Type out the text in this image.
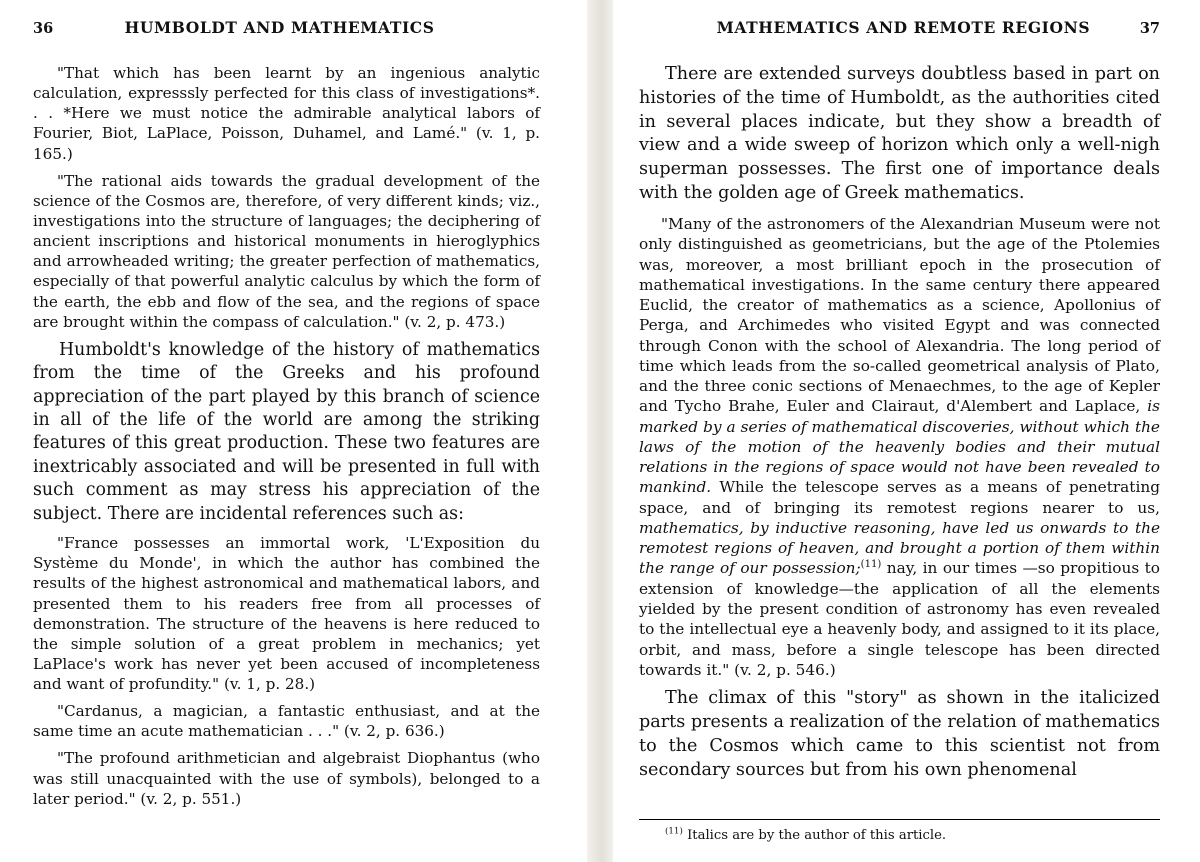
36	HUMBOLDT AND MATHEMATICS

"That which has been learnt by an ingenious analytic calculation, expresssly perfected for this class of investigations*. . . *Here we must notice the admirable analytical labors of Fourier, Biot, LaPlace, Poisson, Duhamel, and Lamé." (v. 1, p. 165.)

"The rational aids towards the gradual development of the science of the Cosmos are, therefore, of very different kinds; viz., investigations into the structure of languages; the deciphering of ancient inscriptions and historical monuments in hieroglyphics and arrowheaded writing; the greater perfection of mathematics, especially of that powerful analytic calculus by which the form of the earth, the ebb and flow of the sea, and the regions of space are brought within the compass of calculation." (v. 2, p. 473.)

Humboldt's knowledge of the history of mathematics from the time of the Greeks and his profound appreciation of the part played by this branch of science in all of the life of the world are among the striking features of this great production. These two features are inextricably associated and will be presented in full with such comment as may stress his appreciation of the subject. There are incidental references such as:

"France possesses an immortal work, 'L'Exposition du Système du Monde', in which the author has combined the results of the highest astronomical and mathematical labors, and presented them to his readers free from all processes of demonstration. The structure of the heavens is here reduced to the simple solution of a great problem in mechanics; yet LaPlace's work has never yet been accused of incompleteness and want of profundity." (v. 1, p. 28.)

"Cardanus, a magician, a fantastic enthusiast, and at the same time an acute mathematician . . ." (v. 2, p. 636.)

"The profound arithmetician and algebraist Diophantus (who was still unacquainted with the use of symbols), belonged to a later period." (v. 2, p. 551.)

MATHEMATICS AND REMOTE REGIONS	37

There are extended surveys doubtless based in part on histories of the time of Humboldt, as the authorities cited in several places indicate, but they show a breadth of view and a wide sweep of horizon which only a well-nigh superman possesses. The first one of importance deals with the golden age of Greek mathematics.

"Many of the astronomers of the Alexandrian Museum were not only distinguished as geometricians, but the age of the Ptolemies was, moreover, a most brilliant epoch in the prosecution of mathematical investigations. In the same century there appeared Euclid, the creator of mathematics as a science, Apollonius of Perga, and Archimedes who visited Egypt and was connected through Conon with the school of Alexandria. The long period of time which leads from the so-called geometrical analysis of Plato, and the three conic sections of Menaechmes, to the age of Kepler and Tycho Brahe, Euler and Clairaut, d'Alembert and Laplace, is marked by a series of mathematical discoveries, without which the laws of the motion of the heavenly bodies and their mutual relations in the regions of space would not have been revealed to mankind. While the telescope serves as a means of penetrating space, and of bringing its remotest regions nearer to us, mathematics, by inductive reasoning, have led us onwards to the remotest regions of heaven, and brought a portion of them within the range of our possession;$^{(11)}$ nay, in our times —so propitious to extension of knowledge—the application of all the elements yielded by the present condition of astronomy has even revealed to the intellectual eye a heavenly body, and assigned to it its place, orbit, and mass, before a single telescope has been directed towards it." (v. 2, p. 546.)

The climax of this "story" as shown in the italicized parts presents a realization of the relation of mathematics to the Cosmos which came to this scientist not from secondary sources but from his own phenomenal

$^{(11)}$ Italics are by the author of this article.
